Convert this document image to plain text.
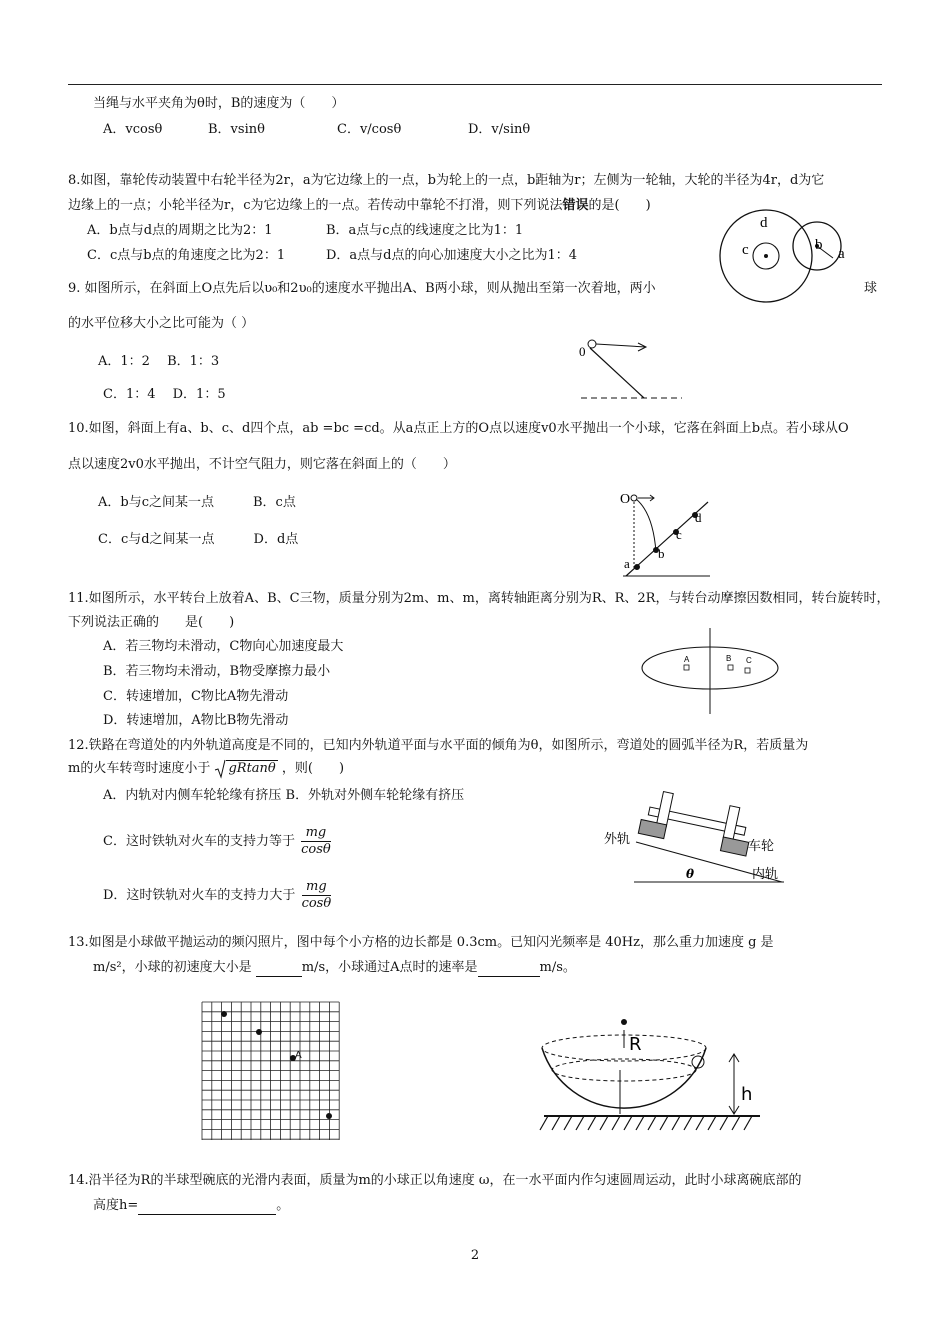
当绳与水平夹角为θ时，B的速度为（　　）
A．vcosθ	B．vsinθ	C．v/cosθ	D．v/sinθ
8.如图，靠轮传动装置中右轮半径为2r，a为它边缘上的一点，b为轮上的一点，b距轴为r；左侧为一轮轴，大轮的半径为4r，d为它
边缘上的一点；小轮半径为r，c为它边缘上的一点。若传动中靠轮不打滑，则下列说法错误的是(　　)
A．b点与d点的周期之比为2：1	B．a点与c点的线速度之比为1：1
C．c点与b点的角速度之比为2：1	D．a点与d点的向心加速度大小之比为1：4
d
c	b
a
9. 如图所示，在斜面上O点先后以υ₀和2υ₀的速度水平抛出A、B两小球，则从抛出至第一次着地，两小	球
的水平位移大小之比可能为（ ）
A．1：2　 B．1：3
C．1：4　 D．1：5
0
10.如图，斜面上有a、b、c、d四个点，ab =bc =cd。从a点正上方的O点以速度v0水平抛出一个小球，它落在斜面上b点。若小球从O
点以速度2v0水平抛出，不计空气阻力，则它落在斜面上的（　　）
A．b与c之间某一点　　　B．c点
C．c与d之间某一点　　　D．d点
O
a
b
c
d
11.如图所示，水平转台上放着A、B、C三物，质量分别为2m、m、m，离转轴距离分别为R、R、2R，与转台动摩擦因数相同，转台旋转时，
下列说法正确的　　是(　　)
A．若三物均未滑动，C物向心加速度最大
B．若三物均未滑动，B物受摩擦力最小
C．转速增加，C物比A物先滑动
D．转速增加，A物比B物先滑动
A	B C
12.铁路在弯道处的内外轨道高度是不同的，已知内外轨道平面与水平面的倾角为θ，如图所示，弯道处的圆弧半径为R，若质量为
m的火车转弯时速度小于 gRtanθ ，则(　　)
A．内轨对内侧车轮轮缘有挤压 B．外轨对外侧车轮轮缘有挤压
C．这时铁轨对火车的支持力等于 $\frac{mg}{\cos\theta}$
D．这时铁轨对火车的支持力大于 $\frac{mg}{\cos\theta}$
外轨	车轮
内轨
θ
13.如图是小球做平抛运动的频闪照片，图中每个小方格的边长都是 0.3cm。已知闪光频率是 40Hz，那么重力加速度 g 是
m/s²，小球的初速度大小是	m/s，小球通过A点时的速率是	m/s。
A
R
h
14.沿半径为R的半球型碗底的光滑内表面，质量为m的小球正以角速度 ω，在一水平面内作匀速圆周运动，此时小球离碗底部的
高度h=	。
2
